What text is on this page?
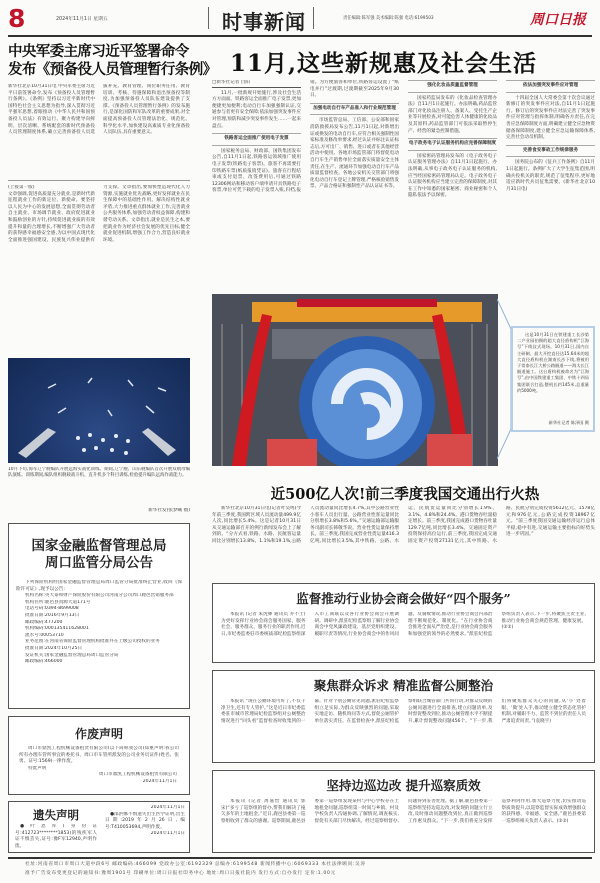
8	2024年11月1日 星期五	时事新闻	责任编辑:陈军强 美术编辑:陈强 电话:6199503	周口日报
中央军委主席习近平签署命令
发布《预备役人员管理暂行条例》
新华社北京10月31日电 中央军委主席习近平日前签署命令,发布《预备役人员管理暂行条例》。《条例》坚持以习近平新时代中国特色社会主义思想为指导,深入贯彻习近平强军思想,着眼推动《中华人民共和国预备役人员法》有效运行。聚力构建导向鲜明、层次清晰、系统配套的新时代预备役人员管理制度体系,确立完善预备役人员选拔补充、教育管理、岗位职务任用、教育培训、考核、待遇保障和退出预备役等制度,为加强预备役人员队伍建设提供了支撑。《预备役人员管理暂行条例》的发布施行,是深化国防和军队改革的重要成果,对全面提高预备役人员管理法治化、规范化、科学化水平,加快建设高素质专业化预备役人员队伍,具有重要意义。
(上接第一版)
文章强调,促进高质量充分就业,是新时代新征程就业工作的新定位、新使命。要坚持以人民为中心的发展思想,全面贯彻劳动者自主就业、市场调节就业、政府促进就业和鼓励创业的方针,持续促进就业质的有效提升和量的合理增长,不断增强广大劳动者的获得感幸福感安全感,为以中国式现代化全面推进强国建设、民族复兴伟业提供有力支撑。文章指出,要加快塑造现代化人力资源,实施就业优先战略,更好发挥就业在民生保障中的基础性作用。解决结构性就业矛盾,大力推进重点群体就业工作,完善就业公共服务体系,加强劳动者权益保障,构建和谐劳动关系。文章指出,就业是民生之本,要把就业作为经济社会发展的优先目标,健全就业促进机制,增强工作合力,营造良好就业环境。
10月下旬,海军辽宁舰编队开展远海实战化训练。期间,辽宁舰、山东舰编队首次开展双航母编队演练。训练期间,编队组织舰载战斗机、直升机多个科目训练,检验提升编队远海作战能力。
新华社发(张梦曦 摄)
国家金融监督管理总局
周口监管分局公告
下列保险机构经国家金融监督管理总局周口监管分局批准终止营业,收回《保险许可证》,现予以公告:
机构名称:英大泰和财产保险股份有限公司河南分公司周口鹿邑营销服务部
机构住所:鹿邑县真源大道171号
电话号码:0394-8699008
批准日期:2016年9月13日
邮政编码:477200
机构编码:000135411628001
流水号:00053710
业务范围:在河南省保险监督管理机构批准并在上级公司授权的业务
批准日期:2024年10月25日
发证机关:国家金融监督管理总局周口监管分局
邮政编码:466000
作废声明
周口市鼎凯工程机械设备租赁有限公司(以下简称我公司)郑重声明:我公司所有办理车管所事宜的委托书、周口市车管所派发的公司业务员证件(姓名、张勇、证号:1569)一律作废。
特此声明
周口市鼎凯工程机械设备租赁有限公司
2024年11月1日
遗失声明
●叶恩库(身份证号:412723********1853)的残疾军人证不慎丢失,证号:豫F军12940,声明作废。
2024年11月1日
●邵洪娜不慎遗失出生医学证明,出生日期:2019年2月26日,编号:T410053694,声明作废。
2024年11月1日
11月,这些新规惠及社会生活
□新华社记者 白阳

11月,一批新规开始施行,涉及社会生活方方面面。铁路客运全面推广电子发票,更加便捷更加便利;电动自行车加强强制认证,交通参与者更有安全保障;依法加强突发事件应对管理,预防和减少突发事件发生……一起来盘点。

铁路客运全面推广使用电子发票

国家税务总局、财政部、国铁集团发布公告,自11月1日起,铁路客运领域推广使用电子发票(铁路电子客票)。旅客不再需要打印铁路车票(纸质报销凭证)。旅客在行程结束或支付退票、改签费用后,可通过铁路12306网站和移动客户端申请开具铁路电子客票,单位可凭下载的电子发票入账,归档,报销。为方便旅客和单位,铁路客运设置了“纸电并行”过渡期,过渡期截至2025年9月30日。

加强电动自行车产品准入和行业规范管理

市场监管总局、工信部、公安部和国家消防救援局发布公告,11月1日起,对新增出证或换发的电动自行车,应符合相关强制性国家标准及修改单要求,经过认证并标注认证标志后,方可出厂、销售、进口或者在其他经营活动中使用。各地市场监管部门将督促电动自行车生产销售单位全面落实质量安全主体责任,在生产、流通环节加强电动自行车产品质量监督检查。各地公安机关交管部门将强化电动自行车登记上牌管理,严格核验销售发票、产品合格证和强制性产品认证证书等。

强化化妆品质量监督管理

国家药监局发布的《化妆品检查管理办法》自11月1日起施行。办法明确,药品监管部门对化妆品注册人、备案人、受托生产企业等开展检查,对可能危害人体健康的化妆品及其原料,药品监管部门可依法采取暂停生产、经营的紧急控制措施。

电子政务电子认证服务机构应完善保障制度

国家密码管理局发布的《电子政务电子认证服务管理办法》自11月1日起施行。办法明确,从事电子政务电子认证服务的机构,应当经国家密码管理局认定。电子政务电子认证服务机构应当建立完善的保障制度,对其在工作中知悉的国家秘密、商业秘密和个人隐私依法予以保密。

依法加强突发事件应对管理

十四届全国人大常委会第十次会议通过新修订的突发事件应对法,自11月1日起施行。修订后的突发事件应对法完善了突发事件应对管理与指挥体制,明确各方责任,在完善应急保障制度方面,明确建立健全应急物资储备保障制度,建立健全应急运输保障体系,完善社会动员机制。

完善食安事故工作规律服务

国务院公布的《征兵工作条例》自11月1日起施行。条例扩大了大学生征集范围,明确兵役机关的职责,规范了征集程序,更好地适应新时代兵员征集需要。(新华社北京10月31日电)

这是10月31日在铁建重工长沙第二产业园拍摄的超大直径盾构机“江海号”下线仪式现场。10月31日,国内自主研制、最大开挖直径达15.64米的超大直径盾构机在湖南长沙下线,将被用于常泰长江大桥公路隧道——海太长江隧道施工。这台盾构机被命名为“江海号”,由中国铁建重工集团、中铁十四局集团联合打造,整机长约145米,总重量约5000吨。
新华社记者 陈泽国 摄
近500亿人次!前三季度我国交通出行火热
新华社北京10月31日电(记者叶昊鸣)今年前三季度,我国跨区域人员流动量499.9亿人次,同比增长5.4%。这是记者10月31日从交通运输部召开的例行新闻发布会上了解到的。“分方式看,铁路、水路、民航客运量同比分别增长13.8%、1.1%和19.1%,公路人员流动量同比增长4.7%,其中公路营业性小客车人员出行量、公路营业性客运量同比分别增长3.8%和5.6%。”交通运输部运输服务司副司长韩敬华说。营业性货运量保持增长。前三季度,我国完成营业性货运量416.3亿吨,同比增长3.5%,其中铁路、公路、水运、民航货运量同比分别增长1.9%、3.1%、4.8%和24.4%。港口货物吞吐量稳定增长。前三季度,我国完成港口货物吞吐量129.7亿吨,同比增长3.4%。交通固定资产投资保持高位运行,前三季度,我国完成交通固定资产投资27131亿元,其中铁路、水路、民航分别完成投资5612亿元、1578亿元和976亿元,公路完成投资18967亿元。“前三季度我国交通运输经济运行总体平稳,稳中有进,交通运输主要指标向好势头进一步巩固。”
监督推动行业协会商会做好“四个服务”
本报讯 (记者 朱虎彝 通讯员 乔不士)为更好发挥行业协会商会服务国家、服务社会、服务群众、服务行业的职责作用,近日,市纪委监委驻市委统战部纪检监察组深入市工商联以及各行业协会商会开展调研。调研中,派驻纪检监察组了解行业协会商会中党风廉政建设、基层党组织建设、履职尽责等情况,行业协会商会中的作风问题、反腐败情况,推动行业协会商会内部治理不断规范化、制度化。“在行业协会商会推进全面从严治党,是行业协会商会服务和加强党的领导的必然要求。”派驻纪检监察组负责人表示,下一步,将聚焦主责主业,推动行业协会商会规范管理、健康发展。(②②)
聚焦群众诉求 精准监督公厕整治
本报讯 “现在公厕环境可好了,不仅干净卫生,还有专人管护。”这是近日市纪委监委驻市城市管理局纪检监察组对公厕整治情况进行“回头看”监督检查时收集到的一幕。针对个别公厕常见问题,派驻纪检监察组立足实际,为群众反映强烈的问题,采取实地走访、随机询问等方式,督促公厕管护单位落实责任。在监督检查中,派驻纪检监察组联合城管部门共同行动,对群众反映的公厕问题进行全面排查,建立问题清单,及时督促整改到位,推动公厕管理水平不断提升,累计督促整改问题456个。“下一步,我们将聚焦群众关心的问题,从‘小’处着眼、‘微’处入手,推动建立健全常态化管护机制,对履职不力、监管不到位的责任人员严肃追责问责。”(袁晓宇)
坚持边巡边改 提升巡察质效
本报讯 (记者 禹嘉怡 通讯员 郭宋)“多亏了巡察组的督办,帮我们解决了拖欠多年的土地租金。”近日,鹿邑县委第一巡察组收到了群众的感谢。巡察期间,鹿邑县委第一巡察组发现某村与中心学校存在土地租金问题,巡察组第一时间与乡镇、村及学校负责人沟通协调,了解情况,调查核实,督促有关部门尽快解决。经过巡察组督办,问题得到妥善处理。据了解,鹿邑县委第一巡察组坚持边巡边改,对发现的问题立行立改,及时推动问题整改到位,真正做到巡察工作惠及群众。“下一步,我们将充分发挥巡察利剑作用,加大巡察力度,切实推动巡察质效提升,以巡察监督实际成效增强群众的获得感、幸福感、安全感。”鹿邑县委第一巡察组相关负责人表示。(②②)
社址:河南省周口市周口大道中段6号 邮政编码:466099 党政办公室:6192329 总编办:6199548 新闻传播中心:6069333 本社法律顾问:吴涛
准予广告发布变更登记的通知书:豫周1901号 印刷单位:周口日报社印务中心 地址:周口日报社院内 发行方式:自办发行 定价:1.00元
